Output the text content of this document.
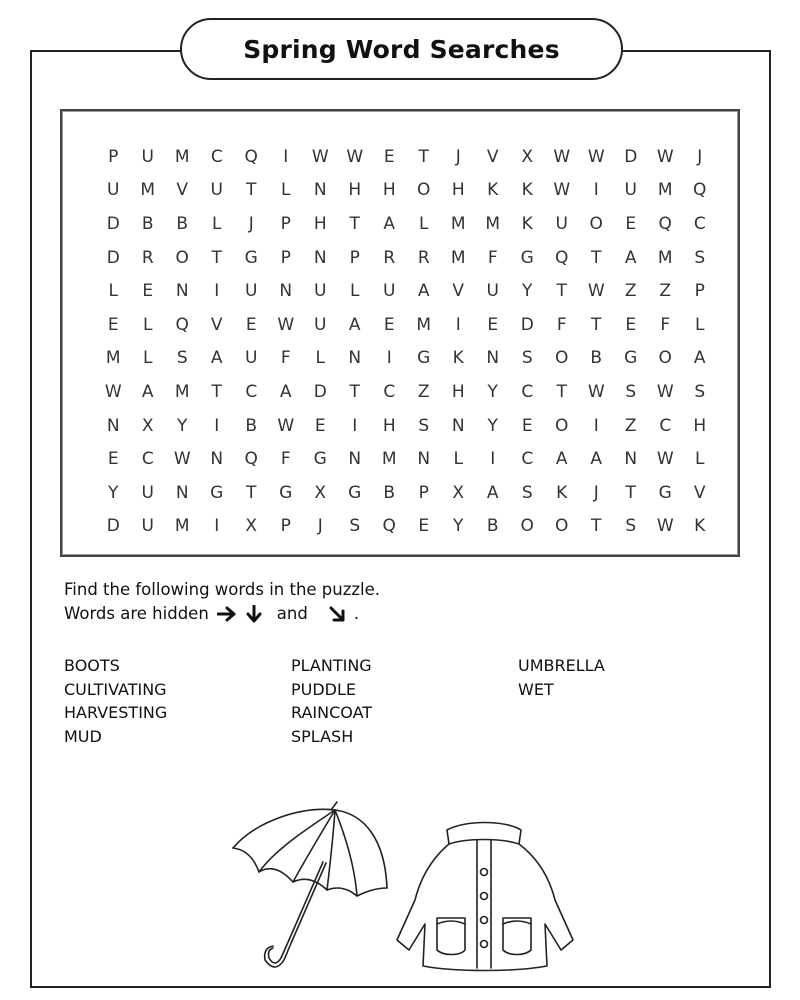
Spring Word Searches
P	U	M	C	Q	I	W	W	E	T	J	V	X	W	W	D	W	J
U	M	V	U	T	L	N	H	H	O	H	K	K	W	I	U	M	Q
D	B	B	L	J	P	H	T	A	L	M	M	K	U	O	E	Q	C
D	R	O	T	G	P	N	P	R	R	M	F	G	Q	T	A	M	S
L	E	N	I	U	N	U	L	U	A	V	U	Y	T	W	Z	Z	P
E	L	Q	V	E	W	U	A	E	M	I	E	D	F	T	E	F	L
M	L	S	A	U	F	L	N	I	G	K	N	S	O	B	G	O	A
W	A	M	T	C	A	D	T	C	Z	H	Y	C	T	W	S	W	S
N	X	Y	I	B	W	E	I	H	S	N	Y	E	O	I	Z	C	H
E	C	W	N	Q	F	G	N	M	N	L	I	C	A	A	N	W	L
Y	U	N	G	T	G	X	G	B	P	X	A	S	K	J	T	G	V
D	U	M	I	X	P	J	S	Q	E	Y	B	O	O	T	S	W	K
Find the following words in the puzzle.
Words are hidden	and	.
BOOTS
CULTIVATING
HARVESTING
MUD
PLANTING
PUDDLE
RAINCOAT
SPLASH
UMBRELLA
WET
